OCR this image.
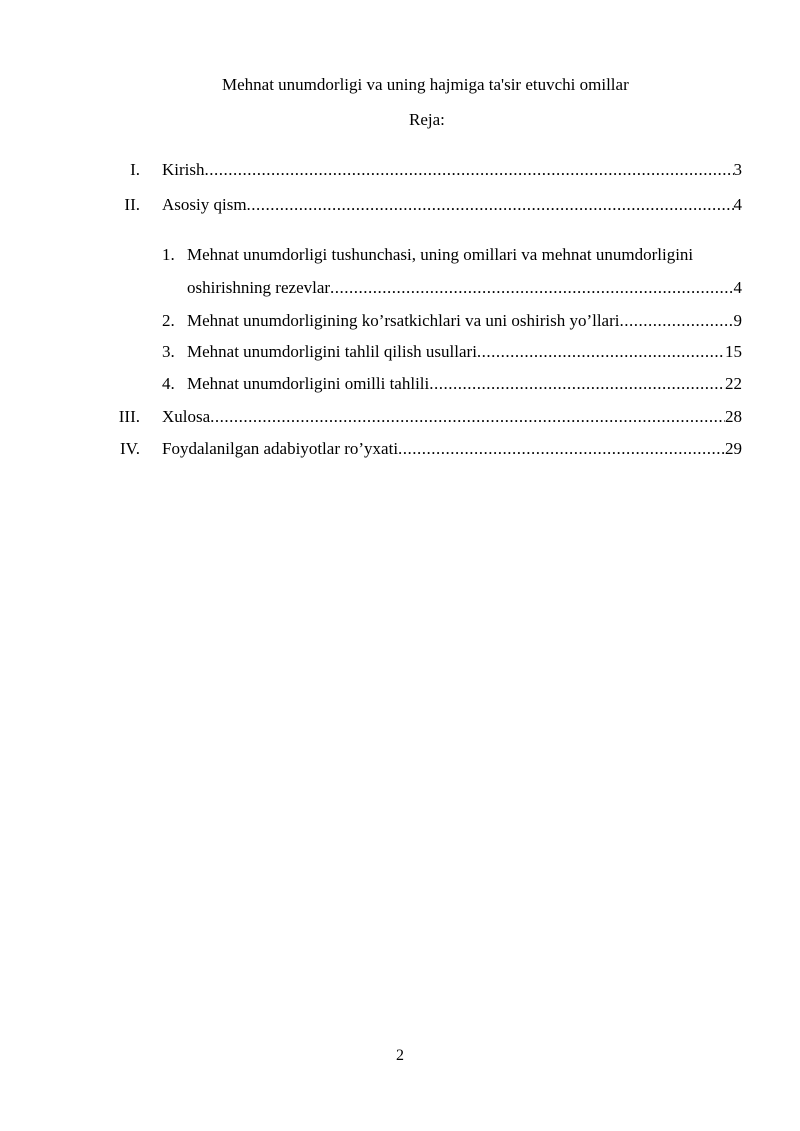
Mehnat unumdorligi va uning hajmiga ta'sir etuvchi omillar
Reja:
I. Kirish .....	3
II. Asosiy qism .....	4
1. Mehnat unumdorligi tushunchasi, uning omillari va mehnat unumdorligini
oshirishning rezevlar .....	4
2. Mehnat unumdorligining ko’rsatkichlari va uni oshirish yo’llari .....	9
3. Mehnat unumdorligini tahlil qilish usullari .....	15
4. Mehnat unumdorligini omilli tahlili .....	22
III. Xulosa .....	28
IV. Foydalanilgan adabiyotlar ro’yxati .....	29
2
